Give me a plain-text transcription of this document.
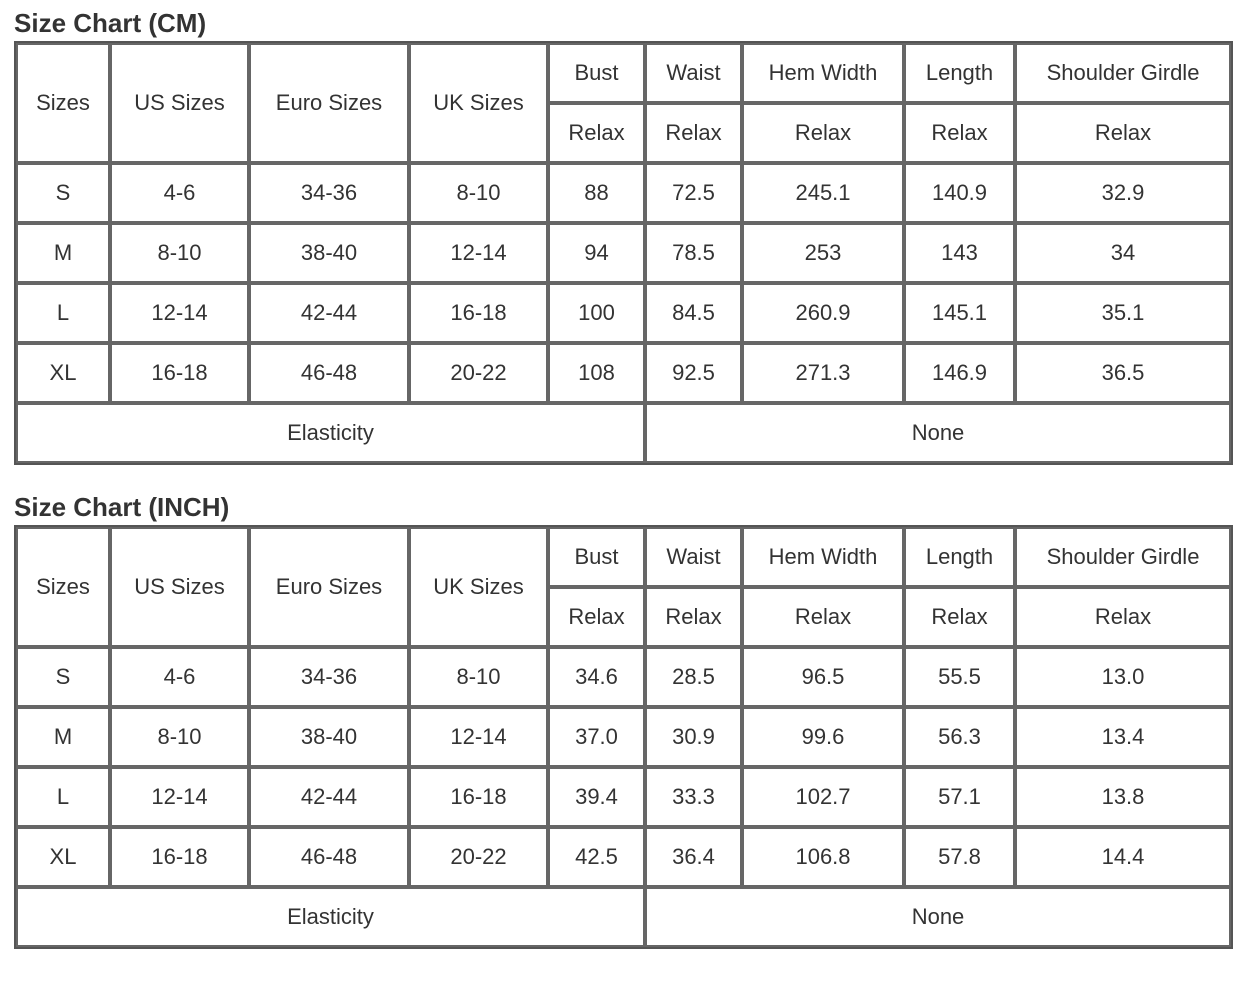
Size Chart (CM)
Sizes	US Sizes	Euro Sizes	UK Sizes	Bust	Waist	Hem Width	Length	Shoulder Girdle
				Relax	Relax	Relax	Relax	Relax
S	4-6	34-36	8-10	88	72.5	245.1	140.9	32.9
M	8-10	38-40	12-14	94	78.5	253	143	34
L	12-14	42-44	16-18	100	84.5	260.9	145.1	35.1
XL	16-18	46-48	20-22	108	92.5	271.3	146.9	36.5
Elasticity					None			
Size Chart (INCH)
Sizes	US Sizes	Euro Sizes	UK Sizes	Bust	Waist	Hem Width	Length	Shoulder Girdle
				Relax	Relax	Relax	Relax	Relax
S	4-6	34-36	8-10	34.6	28.5	96.5	55.5	13.0
M	8-10	38-40	12-14	37.0	30.9	99.6	56.3	13.4
L	12-14	42-44	16-18	39.4	33.3	102.7	57.1	13.8
XL	16-18	46-48	20-22	42.5	36.4	106.8	57.8	14.4
Elasticity					None			
